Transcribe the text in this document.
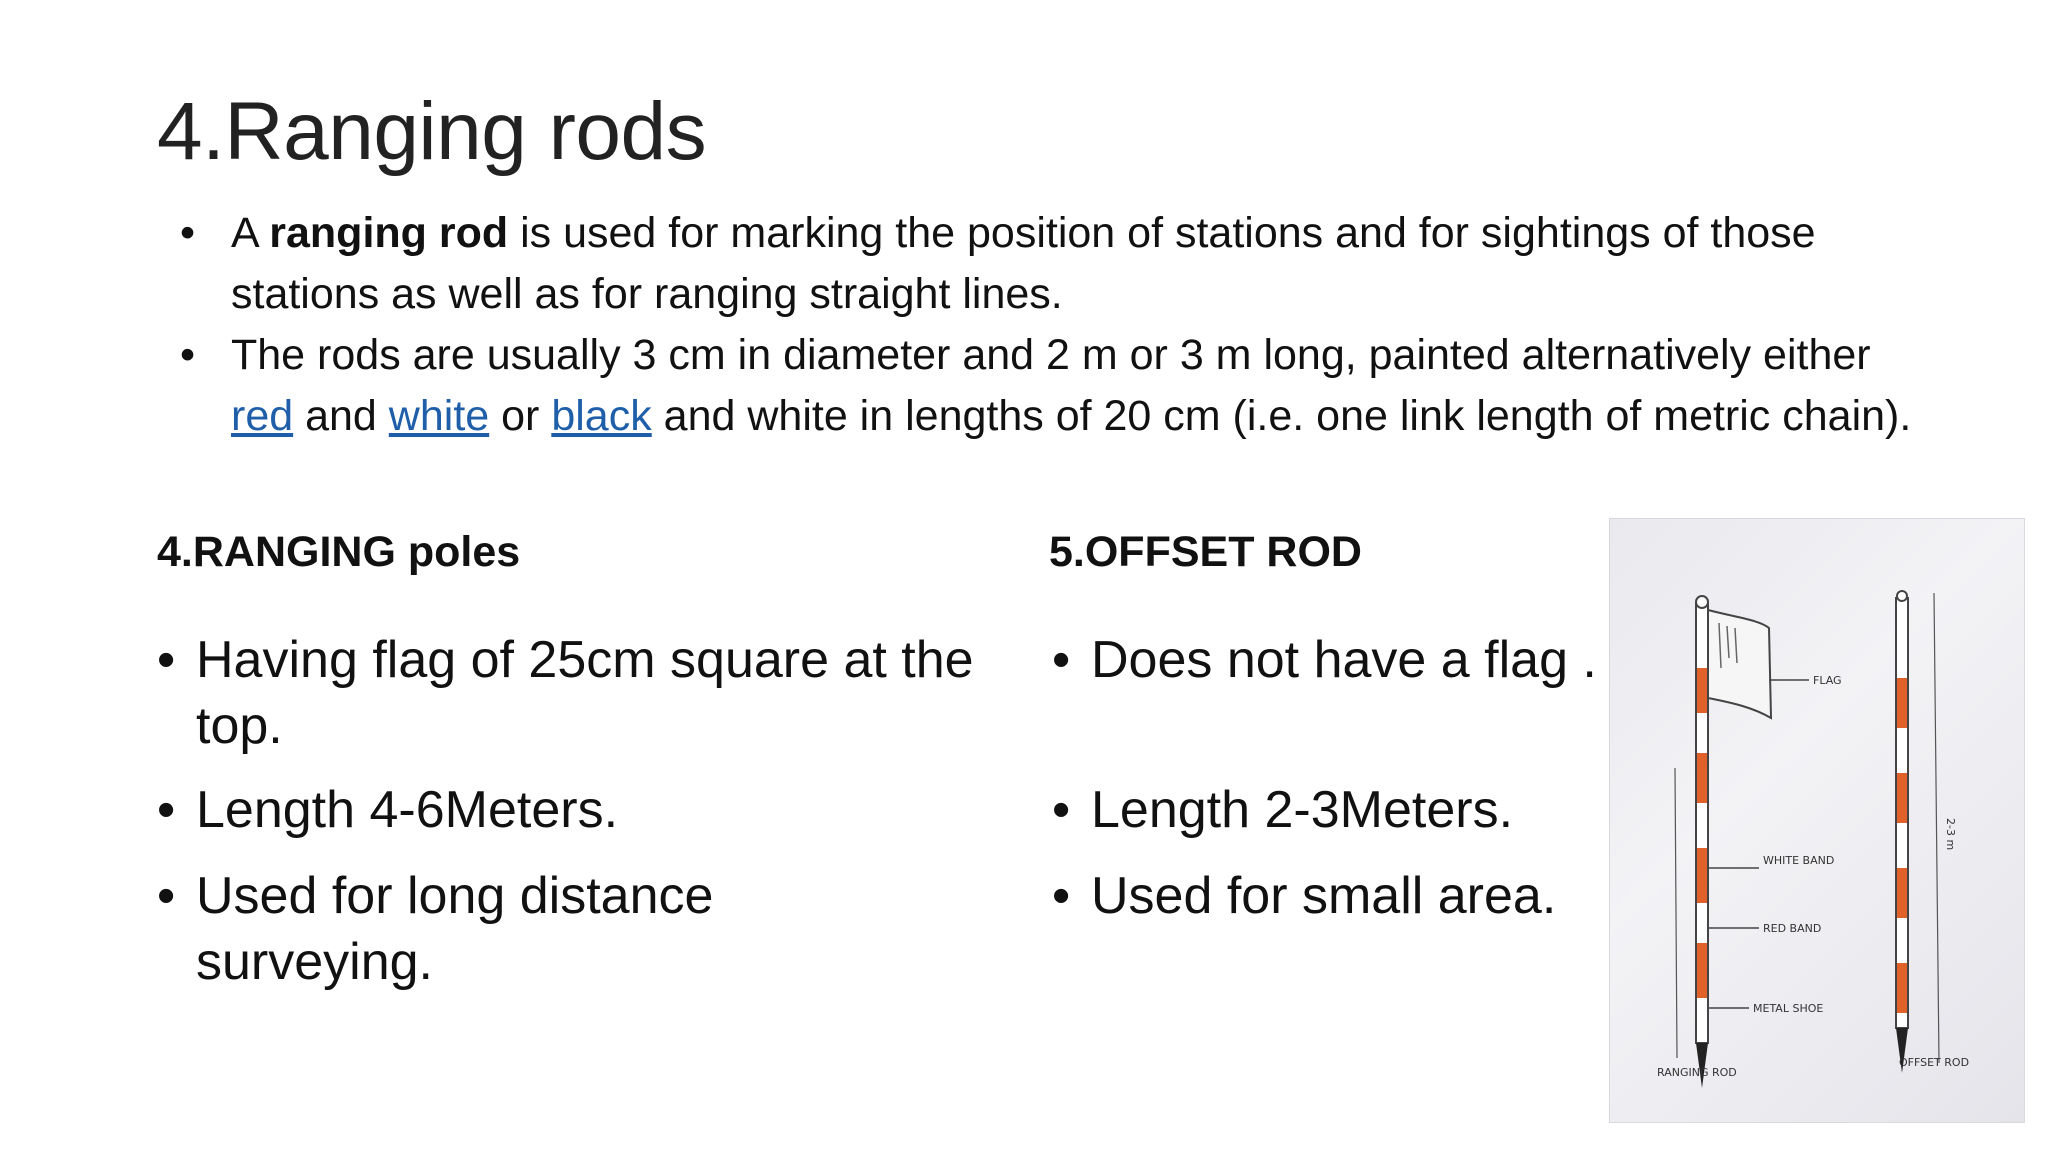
4.Ranging rods
• A ranging rod is used for marking the position of stations and for sightings of those stations as well as for ranging straight lines.
• The rods are usually 3 cm in diameter and 2 m or 3 m long, painted alternatively either red and white or black and white in lengths of 20 cm (i.e. one link length of metric chain).
4.RANGING poles
• Having flag of 25cm square at the top.
• Length 4-6Meters.
• Used for long distance surveying.
5.OFFSET ROD
• Does not have a flag .
• Length 2-3Meters.
• Used for small area.
FLAG
WHITE BAND
RED BAND
METAL SHOE
RANGING ROD
OFFSET ROD
2-3 m
